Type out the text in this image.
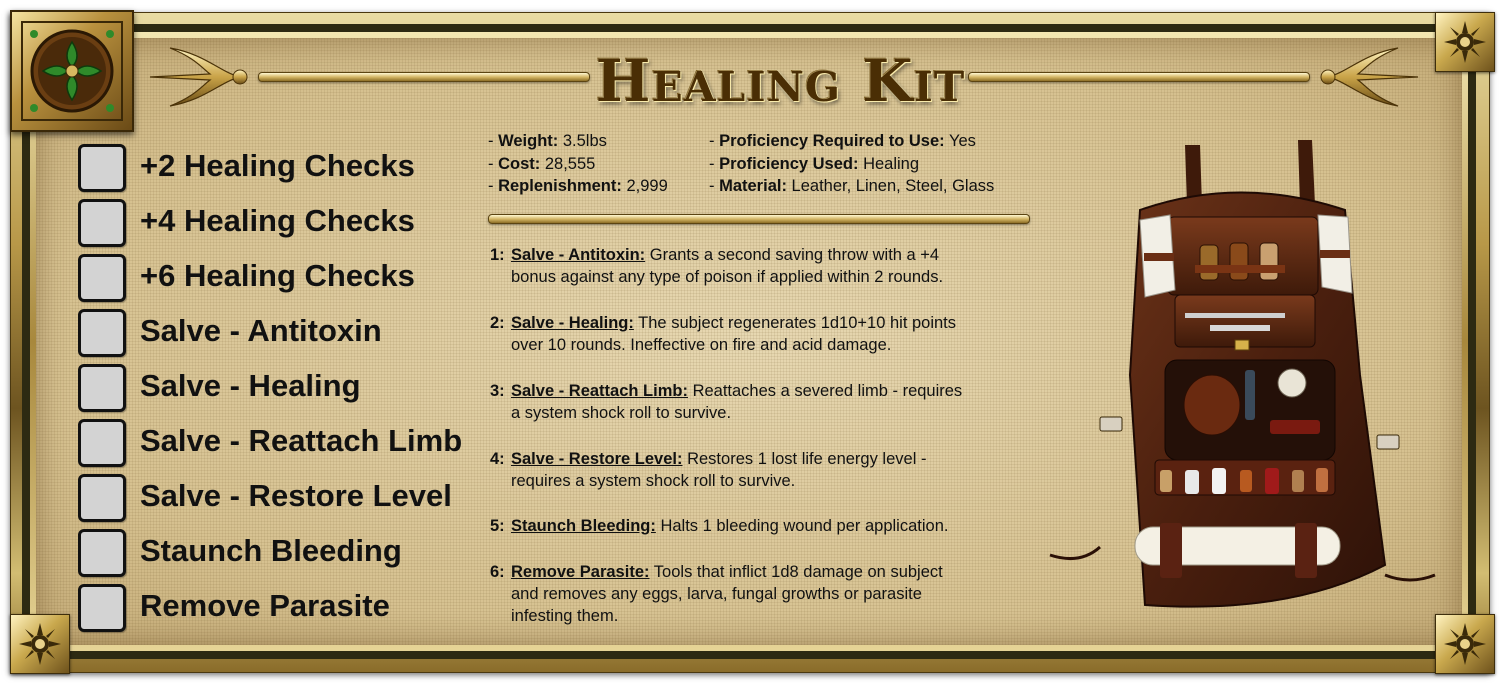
Healing Kit
+2 Healing Checks
+4 Healing Checks
+6 Healing Checks
Salve - Antitoxin
Salve - Healing
Salve - Reattach Limb
Salve - Restore Level
Staunch Bleeding
Remove Parasite
- Weight: 3.5lbs
- Cost: 28,555
- Replenishment: 2,999
- Proficiency Required to Use: Yes
- Proficiency Used: Healing
- Material: Leather, Linen, Steel, Glass
1: Salve - Antitoxin: Grants a second saving throw with a +4
bonus against any type of poison if applied within 2 rounds.
2: Salve - Healing: The subject regenerates 1d10+10 hit points
over 10 rounds. Ineffective on fire and acid damage.
3: Salve - Reattach Limb: Reattaches a severed limb - requires
a system shock roll to survive.
4: Salve - Restore Level: Restores 1 lost life energy level -
requires a system shock roll to survive.
5: Staunch Bleeding: Halts 1 bleeding wound per application.
6: Remove Parasite: Tools that inflict 1d8 damage on subject
and removes any eggs, larva, fungal growths or parasite
infesting them.
